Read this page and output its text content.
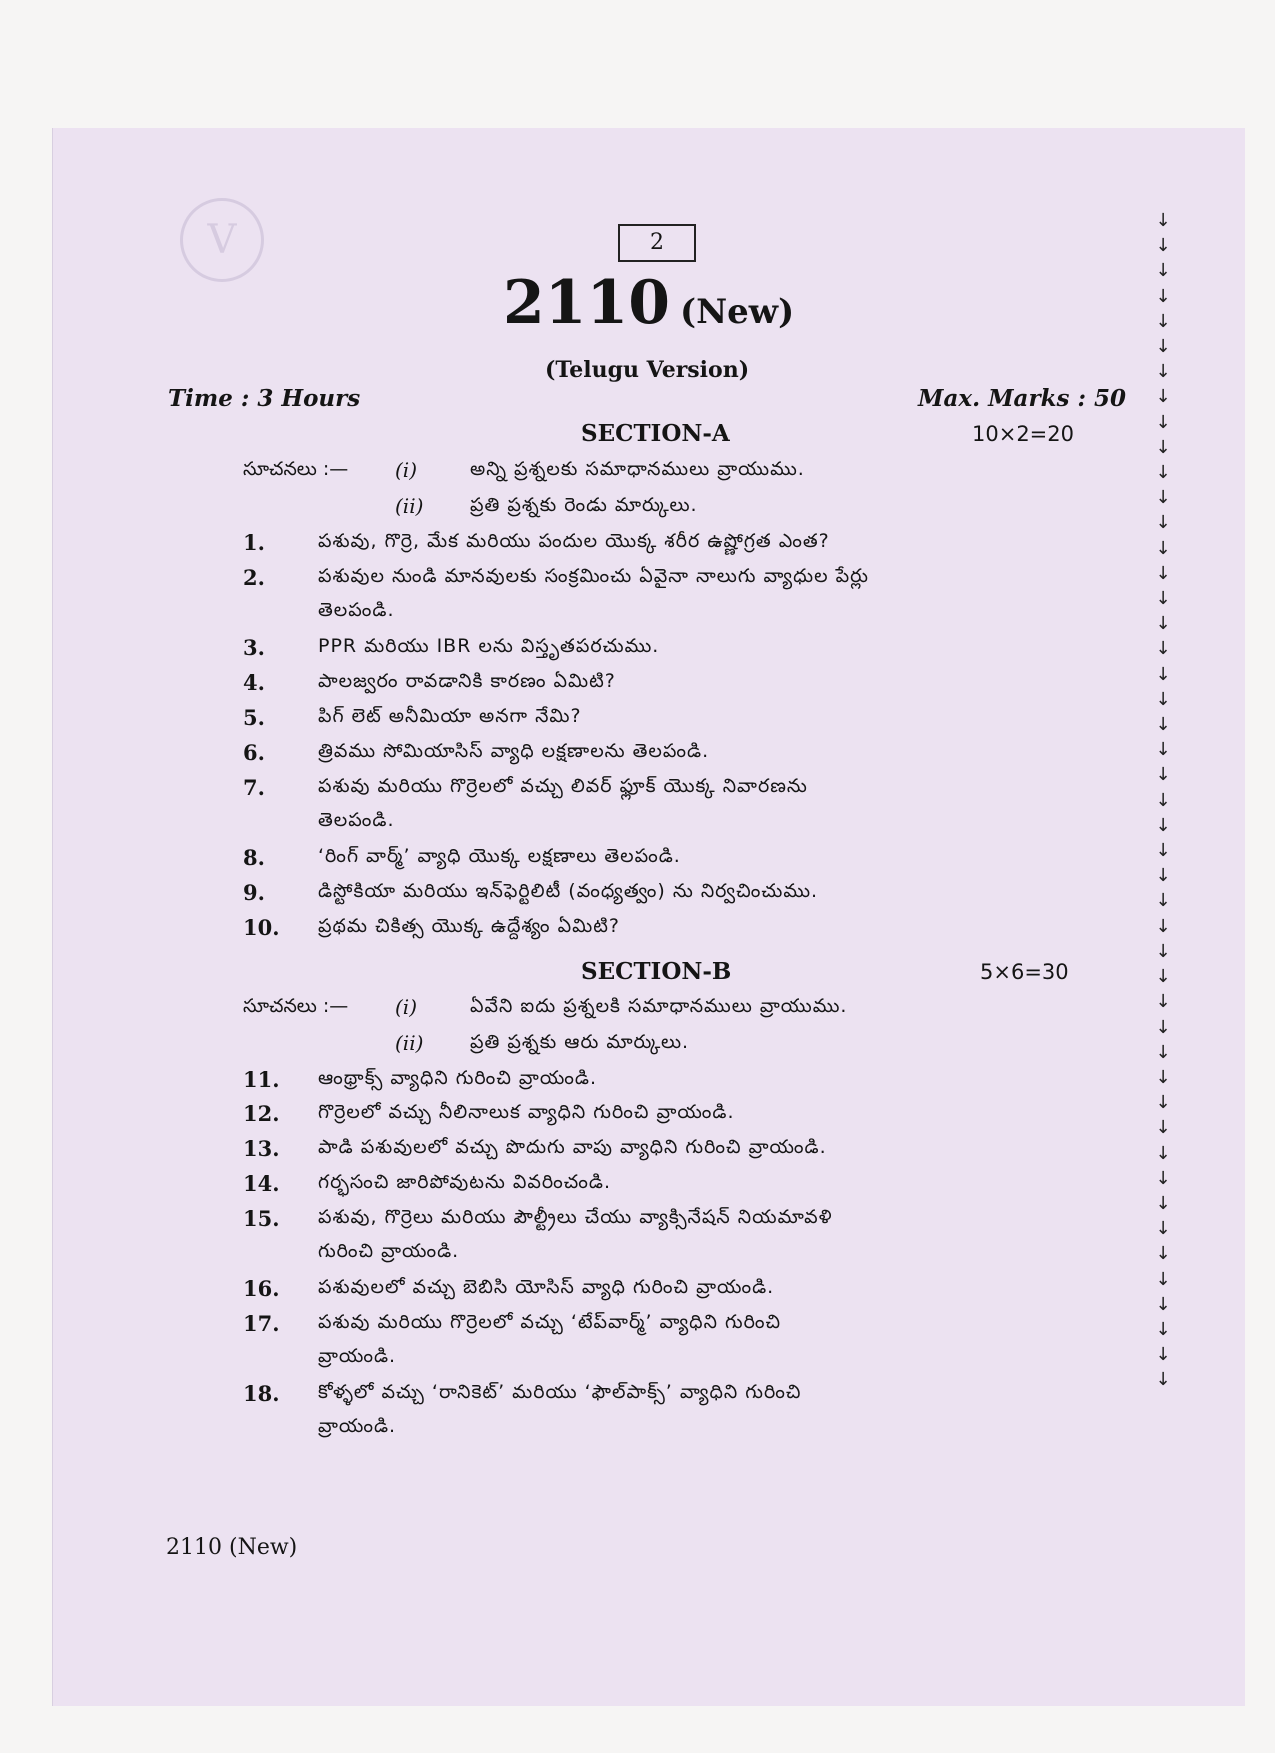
V	2
2110 (New)
(Telugu Version)
Time : 3 Hours	Max. Marks : 50
SECTION-A	10×2=20
SECTION-B	5×6=30
సూచనలు :— (i)	అన్ని ప్రశ్నలకు సమాధానములు వ్రాయుము.
(ii) ప్రతి ప్రశ్నకు రెండు మార్కులు.
1.	పశువు, గొర్రె, మేక మరియు పందుల యొక్క శరీర ఉష్ణోగ్రత ఎంత?
2.	పశువుల నుండి మానవులకు సంక్రమించు ఏవైనా నాలుగు వ్యాధుల పేర్లు
తెలపండి.
3.	PPR మరియు IBR లను విస్తృతపరచుము.
4.	పాలజ్వరం రావడానికి కారణం ఏమిటి?
5.	పిగ్ లెట్ అనీమియా అనగా నేమి?
6.	త్రివము సోమియాసిస్ వ్యాధి లక్షణాలను తెలపండి.
7.	పశువు మరియు గొర్రెలలో వచ్చు లివర్ ఫ్లూక్ యొక్క నివారణను
తెలపండి.
8.	‘రింగ్ వార్మ్’ వ్యాధి యొక్క లక్షణాలు తెలపండి.
9.	డిస్టోకియా మరియు ఇన్‌ఫెర్టిలిటీ (వంధ్యత్వం) ను నిర్వచించుము.
10. ప్రథమ చికిత్స యొక్క ఉద్దేశ్యం ఏమిటి?
సూచనలు :— (i)	ఏవేని ఐదు ప్రశ్నలకి సమాధానములు వ్రాయుము.
(ii) ప్రతి ప్రశ్నకు ఆరు మార్కులు.
11. ఆంథ్రాక్స్ వ్యాధిని గురించి వ్రాయండి.
12. గొర్రెలలో వచ్చు నీలినాలుక వ్యాధిని గురించి వ్రాయండి.
13. పాడి పశువులలో వచ్చు పొదుగు వాపు వ్యాధిని గురించి వ్రాయండి.
14. గర్భసంచి జారిపోవుటను వివరించండి.
15. పశువు, గొర్రెలు మరియు పౌల్ట్రీలు చేయు వ్యాక్సినేషన్ నియమావళి
గురించి వ్రాయండి.
16. పశువులలో వచ్చు బెబిసి యోసిస్ వ్యాధి గురించి వ్రాయండి.
17. పశువు మరియు గొర్రెలలో వచ్చు ‘టేప్‌వార్మ్’ వ్యాధిని గురించి
వ్రాయండి.
18. కోళ్ళలో వచ్చు ‘రానికెట్’ మరియు ‘ఫౌల్‌పాక్స్’ వ్యాధిని గురించి
వ్రాయండి.
2110 (New)
↓
↓
↓
↓
↓
↓
↓
↓
↓
↓
↓
↓
↓
↓
↓
↓
↓
↓
↓
↓
↓
↓
↓
↓
↓
↓
↓
↓
↓
↓
↓
↓
↓
↓
↓
↓
↓
↓
↓
↓
↓
↓
↓
↓
↓
↓
↓
